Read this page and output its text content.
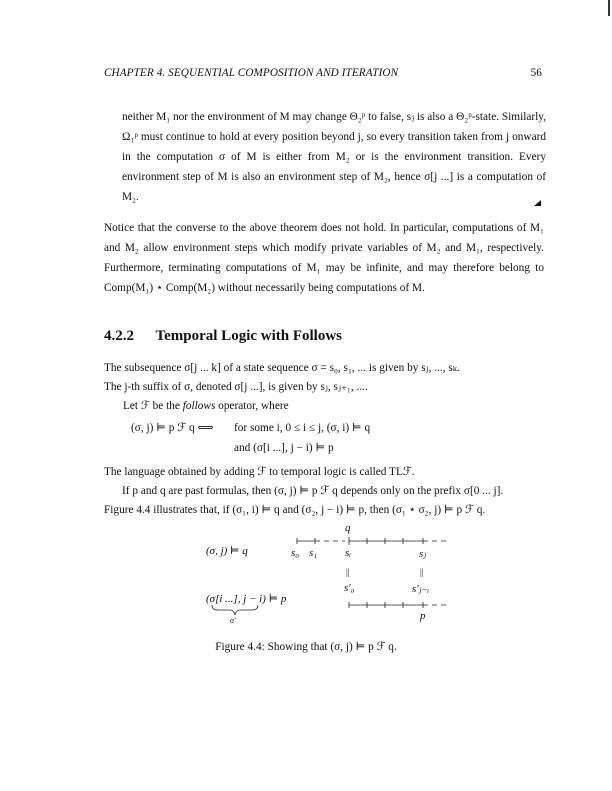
CHAPTER 4. SEQUENTIAL COMPOSITION AND ITERATION	56
neither M₁ nor the environment of M may change Θ₂ᵖ to false, sⱼ is also a Θ₂ᵖ-state. Similarly, Ω₁ᵖ must continue to hold at every position beyond j, so every transition taken from j onward in the computation σ of M is either from M₂ or is the environment transition. Every environment step of M is also an environment step of M₂, hence σ[j ...] is a computation of M₂.
Notice that the converse to the above theorem does not hold. In particular, computations of M₁ and M₂ allow environment steps which modify private variables of M₂ and M₁, respectively. Furthermore, terminating computations of M₁ may be infinite, and may therefore belong to Comp(M₁) ⋆ Comp(M₂) without necessarily being computations of M.
4.2.2 Temporal Logic with Follows
The subsequence σ[j ... k] of a state sequence σ = s₀, s₁, ... is given by sⱼ, ..., sₖ.
The j-th suffix of σ, denoted σ[j ...], is given by sⱼ, sⱼ₊₁, ....
Let ℱ be the follows operator, where
(σ, j) ⊨ p ℱ q ⟺ for some i, 0 ≤ i ≤ j, (σ, i) ⊨ q
and (σ[i ...], j − i) ⊨ p
The language obtained by adding ℱ to temporal logic is called TLℱ.
If p and q are past formulas, then (σ, j) ⊨ p ℱ q depends only on the prefix σ[0 ... j].
Figure 4.4 illustrates that, if (σ₁, i) ⊨ q and (σ₂, j − i) ⊨ p, then (σ₁ ⋆ σ₂, j) ⊨ p ℱ q.
(σ, j) ⊨ q
(σ[i ...], j − i) ⊨ p
σ′
q
s₀ s₁	sᵢ	sⱼ
||	||
s′₀	s′ⱼ₋ᵢ
p
Figure 4.4: Showing that (σ, j) ⊨ p ℱ q.
